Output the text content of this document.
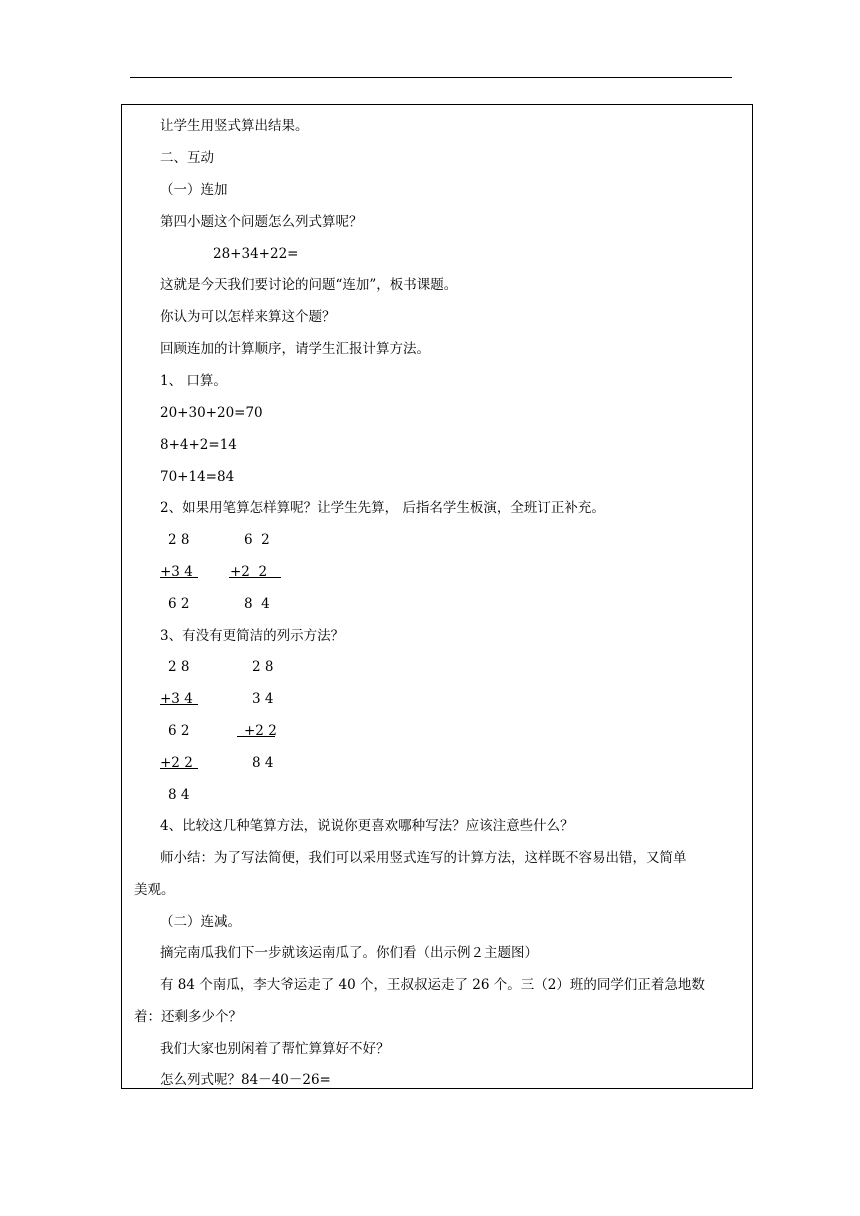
让学生用竖式算出结果。
二、互动
（一）连加
第四小题这个问题怎么列式算呢？
28+34+22=
这就是今天我们要讨论的问题“连加”，板书课题。
你认为可以怎样来算这个题？
回顾连加的计算顺序，请学生汇报计算方法。
1、 口算。
20+30+20=70
8+4+2=14
70+14=84
2、如果用笔算怎样算呢？让学生先算， 后指名学生板演，全班订正补充。
2 8	6  2
+3 4	+2  2
6 2	8  4
3、有没有更简洁的列示方法？
2 8	2 8
+3 4	3 4
6 2	+2 2
+2 2	8 4
8 4
4、比较这几种笔算方法，说说你更喜欢哪种写法？应该注意些什么？
师小结：为了写法简便，我们可以采用竖式连写的计算方法，这样既不容易出错，又简单
美观。
（二）连减。
摘完南瓜我们下一步就该运南瓜了。你们看（出示例２主题图）
有 84 个南瓜，李大爷运走了 40 个，王叔叔运走了 26 个。三（2）班的同学们正着急地数
着：还剩多少个？
我们大家也别闲着了帮忙算算好不好？
怎么列式呢？84－40－26=
